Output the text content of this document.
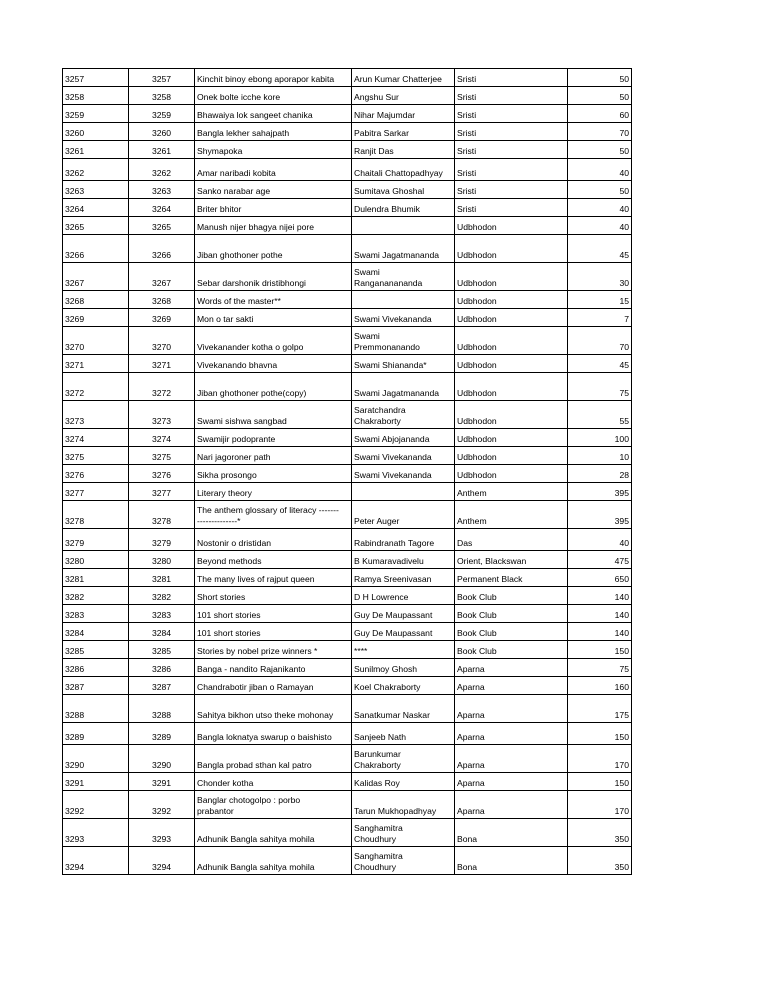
3257	3257	Kinchit binoy ebong aporapor kabita	Arun Kumar Chatterjee	Sristi	50

3258	3258	Onek bolte icche kore	Angshu Sur	Sristi	50

3259	3259	Bhawaiya lok sangeet chanika	Nihar Majumdar	Sristi	60

3260	3260	Bangla lekher sahajpath	Pabitra Sarkar	Sristi	70

3261	3261	Shymapoka	Ranjit Das	Sristi	50

3262	3262	Amar naribadi kobita	Chaitali Chattopadhyay	Sristi	40

3263	3263	Sanko narabar age	Sumitava Ghoshal	Sristi	50

3264	3264	Briter bhitor	Dulendra Bhumik	Sristi	40

3265	3265	Manush nijer bhagya nijei pore		Udbhodon	40

3266	3266	Jiban ghothoner pothe	Swami Jagatmananda	Udbhodon	45

3267	3267	Sebar darshonik dristibhongi	Swami
Rangananananda	Udbhodon	30

3268	3268	Words of the master**		Udbhodon	15

3269	3269	Mon o tar sakti	Swami Vivekananda	Udbhodon	7

3270	3270	Vivekanander kotha o golpo	Swami
Premmonanando	Udbhodon	70

3271	3271	Vivekanando bhavna	Swami Shiananda*	Udbhodon	45

3272	3272	Jiban ghothoner pothe(copy)	Swami Jagatmananda	Udbhodon	75

3273	3273	Swami sishwa sangbad	Saratchandra
Chakraborty	Udbhodon	55

3274	3274	Swamijir podoprante	Swami Abjojananda	Udbhodon	100

3275	3275	Nari jagoroner path	Swami Vivekananda	Udbhodon	10

3276	3276	Sikha prosongo	Swami Vivekananda	Udbhodon	28

3277	3277	Literary theory		Anthem	395

3278	3278	The anthem glossary of literacy -------
--------------*	Peter Auger	Anthem	395

3279	3279	Nostonir o dristidan	Rabindranath Tagore	Das	40

3280	3280	Beyond methods	B Kumaravadivelu	Orient, Blackswan	475

3281	3281	The many lives of rajput queen	Ramya Sreenivasan	Permanent Black	650

3282	3282	Short stories	D H Lowrence	Book Club	140

3283	3283	101 short stories	Guy De Maupassant	Book Club	140

3284	3284	101 short stories	Guy De Maupassant	Book Club	140

3285	3285	Stories by nobel prize winners *	****	Book Club	150

3286	3286	Banga - nandito Rajanikanto	Sunilmoy Ghosh	Aparna	75

3287	3287	Chandrabotir jiban o Ramayan	Koel Chakraborty	Aparna	160

3288	3288	Sahitya bikhon utso theke mohonay	Sanatkumar Naskar	Aparna	175

3289	3289	Bangla loknatya swarup o baishisto	Sanjeeb Nath	Aparna	150

3290	3290	Bangla probad sthan kal patro	Barunkumar
Chakraborty	Aparna	170

3291	3291	Chonder kotha	Kalidas Roy	Aparna	150

3292	3292	Banglar chotogolpo : porbo
prabantor	Tarun Mukhopadhyay	Aparna	170

3293	3293	Adhunik Bangla sahitya mohila	Sanghamitra
Choudhury	Bona	350

3294	3294	Adhunik Bangla sahitya mohila	Sanghamitra
Choudhury	Bona	350
